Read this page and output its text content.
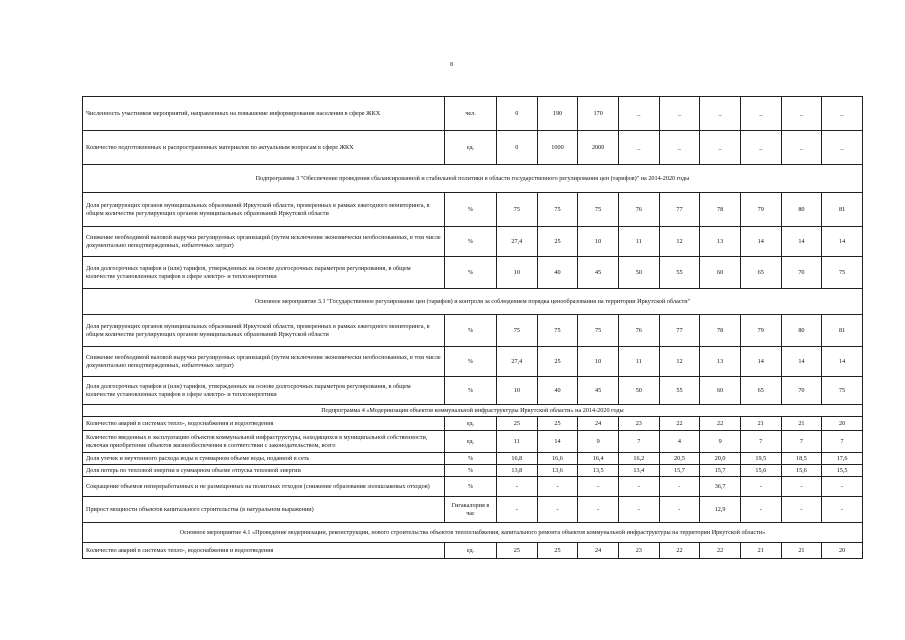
8
Численность участников мероприятий, направленных на повышение информирования населения в сфере ЖКХ	чел.	0	190	170	_	_	_	_	_	_	
Количество подготовленных и распространенных материалов по актуальным вопросам в сфере ЖКХ	ед.	0	1000	2000	_	_	_	_	_	_	
Подпрограмма 3 "Обеспечение проведения сбалансированной и стабильной политики в области государственного регулирования цен (тарифов)" на 2014-2020 годы											
Доля регулирующих органов муниципальных образований Иркутской области, проверенных в рамках ежегодного мониторинга, в общем количестве регулирующих органов муниципальных образований Иркутской области	%	75	75	75	76	77	78	79	80	81	
Снижение необходимой валовой выручки регулируемых организаций (путем исключения экономически необоснованных, в том числе документально неподтвержденных, избыточных затрат)	%	27,4	25	10	11	12	13	14	14	14	
Доля долгосрочных тарифов и (или) тарифов, утвержденных на основе долгосрочных параметров регулирования, в общем количестве установленных тарифов в сфере электро- и теплоэнергетики	%	10	40	45	50	55	60	65	70	75	
Основное мероприятие 3.1 "Государственное регулирование цен (тарифов) и контроля за соблюдением порядка ценообразования на территории Иркутской области"											
Доля регулирующих органов муниципальных образований Иркутской области, проверенных в рамках ежегодного мониторинга, в общем количестве регулирующих органов муниципальных образований Иркутской области	%	75	75	75	76	77	78	79	80	81	
Снижение необходимой валовой выручки регулируемых организаций (путем исключения экономически необоснованных, в том числе документально неподтвержденных, избыточных затрат)	%	27,4	25	10	11	12	13	14	14	14	
Доля долгосрочных тарифов и (или) тарифов, утвержденных на основе долгосрочных параметров регулирования, в общем количестве установленных тарифов в сфере электро- и теплоэнергетики	%	10	40	45	50	55	60	65	70	75	
Подпрограмма 4 «Модернизация объектов коммунальной инфраструктуры Иркутской области» на 2014-2020 годы											
Количество аварий в системах тепло-, водоснабжения и водоотведения	ед.	25	25	24	23	22	22	21	21	20	
Количество введенных в эксплуатацию объектов коммунальной инфраструктуры, находящихся в муниципальной собственности, включая приобретение объектов жизнеобеспечения в соответствии с законодательством, всего	ед.	11	14	9	7	4	9	7	7	7	
Доля утечек и неучтенного расхода воды в суммарном объеме воды, поданной в сеть	%	16,8	16,6	16,4	16,2	20,5	20,0	19,5	18,5	17,6	
Доля потерь по тепловой энергии в суммарном объеме отпуска тепловой энергии	%	13,8	13,6	13,5	13,4	15,7	15,7	15,6	15,6	15,5	
Сокращение объемов непереработанных и не размещенных на полигонах отходов (снижение образования золошлаковых отходов)	%	-	-	-	-	-	36,7	-	-	-	
Прирост мощности объектов капитального строительства (в натуральном выражении)	Гигакалория в час	-	-	-	-	-	12,9	-	-	-	
Основное мероприятие 4.1 «Проведение модернизации, реконструкции, нового строительства объектов теплоснабжения, капитального ремонта объектов коммунальной инфраструктуры на территории Иркутской области»											
Количество аварий в системах тепло-, водоснабжения и водоотведения	ед.	25	25	24	23	22	22	21	21	20	
